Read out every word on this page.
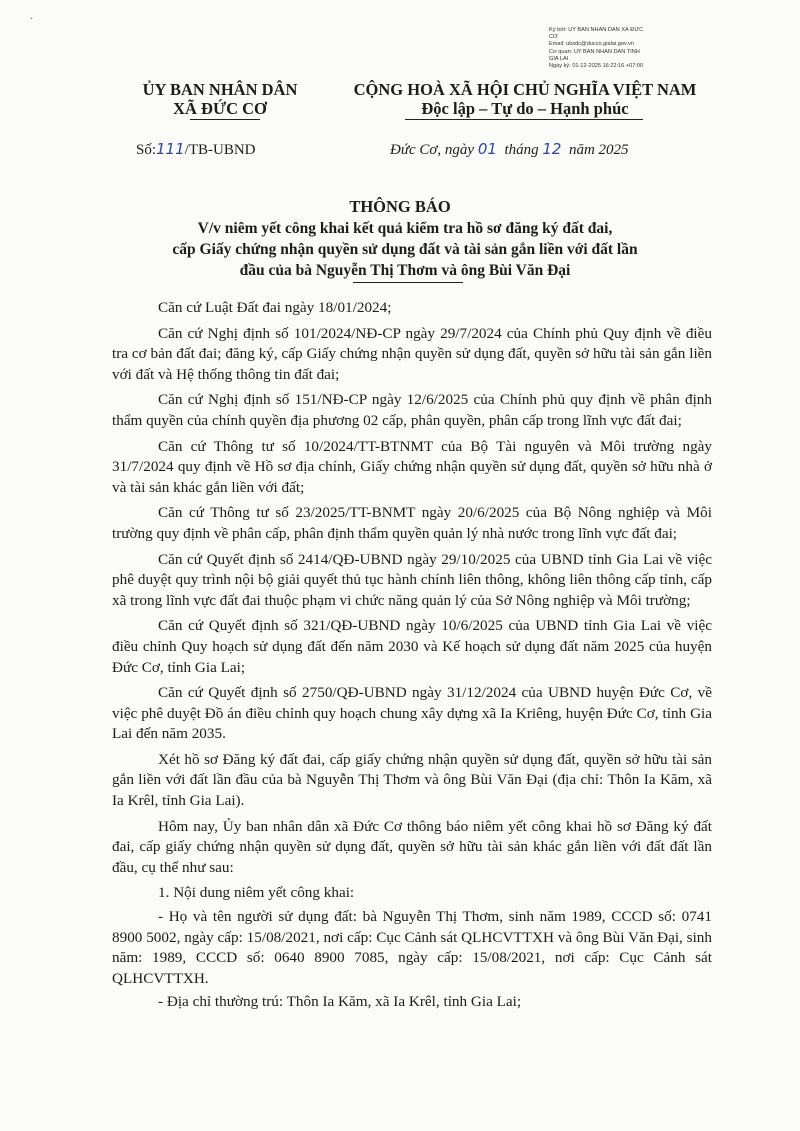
·
Ký bởi: ỦY BAN NHÂN DÂN XÃ ĐỨC
CƠ
Email: ubxdc@ducco.gialai.gov.vn
Cơ quan: ỦY BAN NHÂN DÂN TỈNH
GIA LAI
Ngày ký: 01-12-2025 16:22:16 +07:00
ỦY BAN NHÂN DÂN
XÃ ĐỨC CƠ
CỘNG HOÀ XÃ HỘI CHỦ NGHĨA VIỆT NAM
Độc lập – Tự do – Hạnh phúc
Số:111/TB-UBND	Đức Cơ, ngày 01 tháng 12 năm 2025
THÔNG BÁO
V/v niêm yết công khai kết quả kiểm tra hồ sơ đăng ký đất đai,
cấp Giấy chứng nhận quyền sử dụng đất và tài sản gắn liền với đất lần
đầu của bà Nguyễn Thị Thơm và ông Bùi Văn Đại

Căn cứ Luật Đất đai ngày 18/01/2024;

Căn cứ Nghị định số 101/2024/NĐ-CP ngày 29/7/2024 của Chính phủ Quy định về điều tra cơ bản đất đai; đăng ký, cấp Giấy chứng nhận quyền sử dụng đất, quyền sở hữu tài sản gắn liền với đất và Hệ thống thông tin đất đai;

Căn cứ Nghị định số 151/NĐ-CP ngày 12/6/2025 của Chính phủ quy định về phân định thẩm quyền của chính quyền địa phương 02 cấp, phân quyền, phân cấp trong lĩnh vực đất đai;

Căn cứ Thông tư số 10/2024/TT-BTNMT của Bộ Tài nguyên và Môi trường ngày 31/7/2024 quy định về Hồ sơ địa chính, Giấy chứng nhận quyền sử dụng đất, quyền sở hữu nhà ở và tài sản khác gắn liền với đất;

Căn cứ Thông tư số 23/2025/TT-BNMT ngày 20/6/2025 của Bộ Nông nghiệp và Môi trường quy định về phân cấp, phân định thẩm quyền quản lý nhà nước trong lĩnh vực đất đai;

Căn cứ Quyết định số 2414/QĐ-UBND ngày 29/10/2025 của UBND tỉnh Gia Lai về việc phê duyệt quy trình nội bộ giải quyết thủ tục hành chính liên thông, không liên thông cấp tỉnh, cấp xã trong lĩnh vực đất đai thuộc phạm vi chức năng quản lý của Sở Nông nghiệp và Môi trường;

Căn cứ Quyết định số 321/QĐ-UBND ngày 10/6/2025 của UBND tỉnh Gia Lai về việc điều chỉnh Quy hoạch sử dụng đất đến năm 2030 và Kế hoạch sử dụng đất năm 2025 của huyện Đức Cơ, tỉnh Gia Lai;

Căn cứ Quyết định số 2750/QĐ-UBND ngày 31/12/2024 của UBND huyện Đức Cơ, về việc phê duyệt Đồ án điều chỉnh quy hoạch chung xây dựng xã Ia Kriêng, huyện Đức Cơ, tỉnh Gia Lai đến năm 2035.

Xét hồ sơ Đăng ký đất đai, cấp giấy chứng nhận quyền sử dụng đất, quyền sở hữu tài sản gắn liền với đất lần đầu của bà Nguyễn Thị Thơm và ông Bùi Văn Đại (địa chỉ: Thôn Ia Kăm, xã Ia Krêl, tỉnh Gia Lai).

Hôm nay, Ủy ban nhân dân xã Đức Cơ thông báo niêm yết công khai hồ sơ Đăng ký đất đai, cấp giấy chứng nhận quyền sử dụng đất, quyền sở hữu tài sản khác gắn liền với đất đất lần đầu, cụ thể như sau:

1. Nội dung niêm yết công khai:

- Họ và tên người sử dụng đất: bà Nguyễn Thị Thơm, sinh năm 1989, CCCD số: 0741 8900 5002, ngày cấp: 15/08/2021, nơi cấp: Cục Cảnh sát QLHCVTTXH và ông Bùi Văn Đại, sinh năm: 1989, CCCD số: 0640 8900 7085, ngày cấp: 15/08/2021, nơi cấp: Cục Cảnh sát QLHCVTTXH.

- Địa chỉ thường trú: Thôn Ia Kăm, xã Ia Krêl, tỉnh Gia Lai;
